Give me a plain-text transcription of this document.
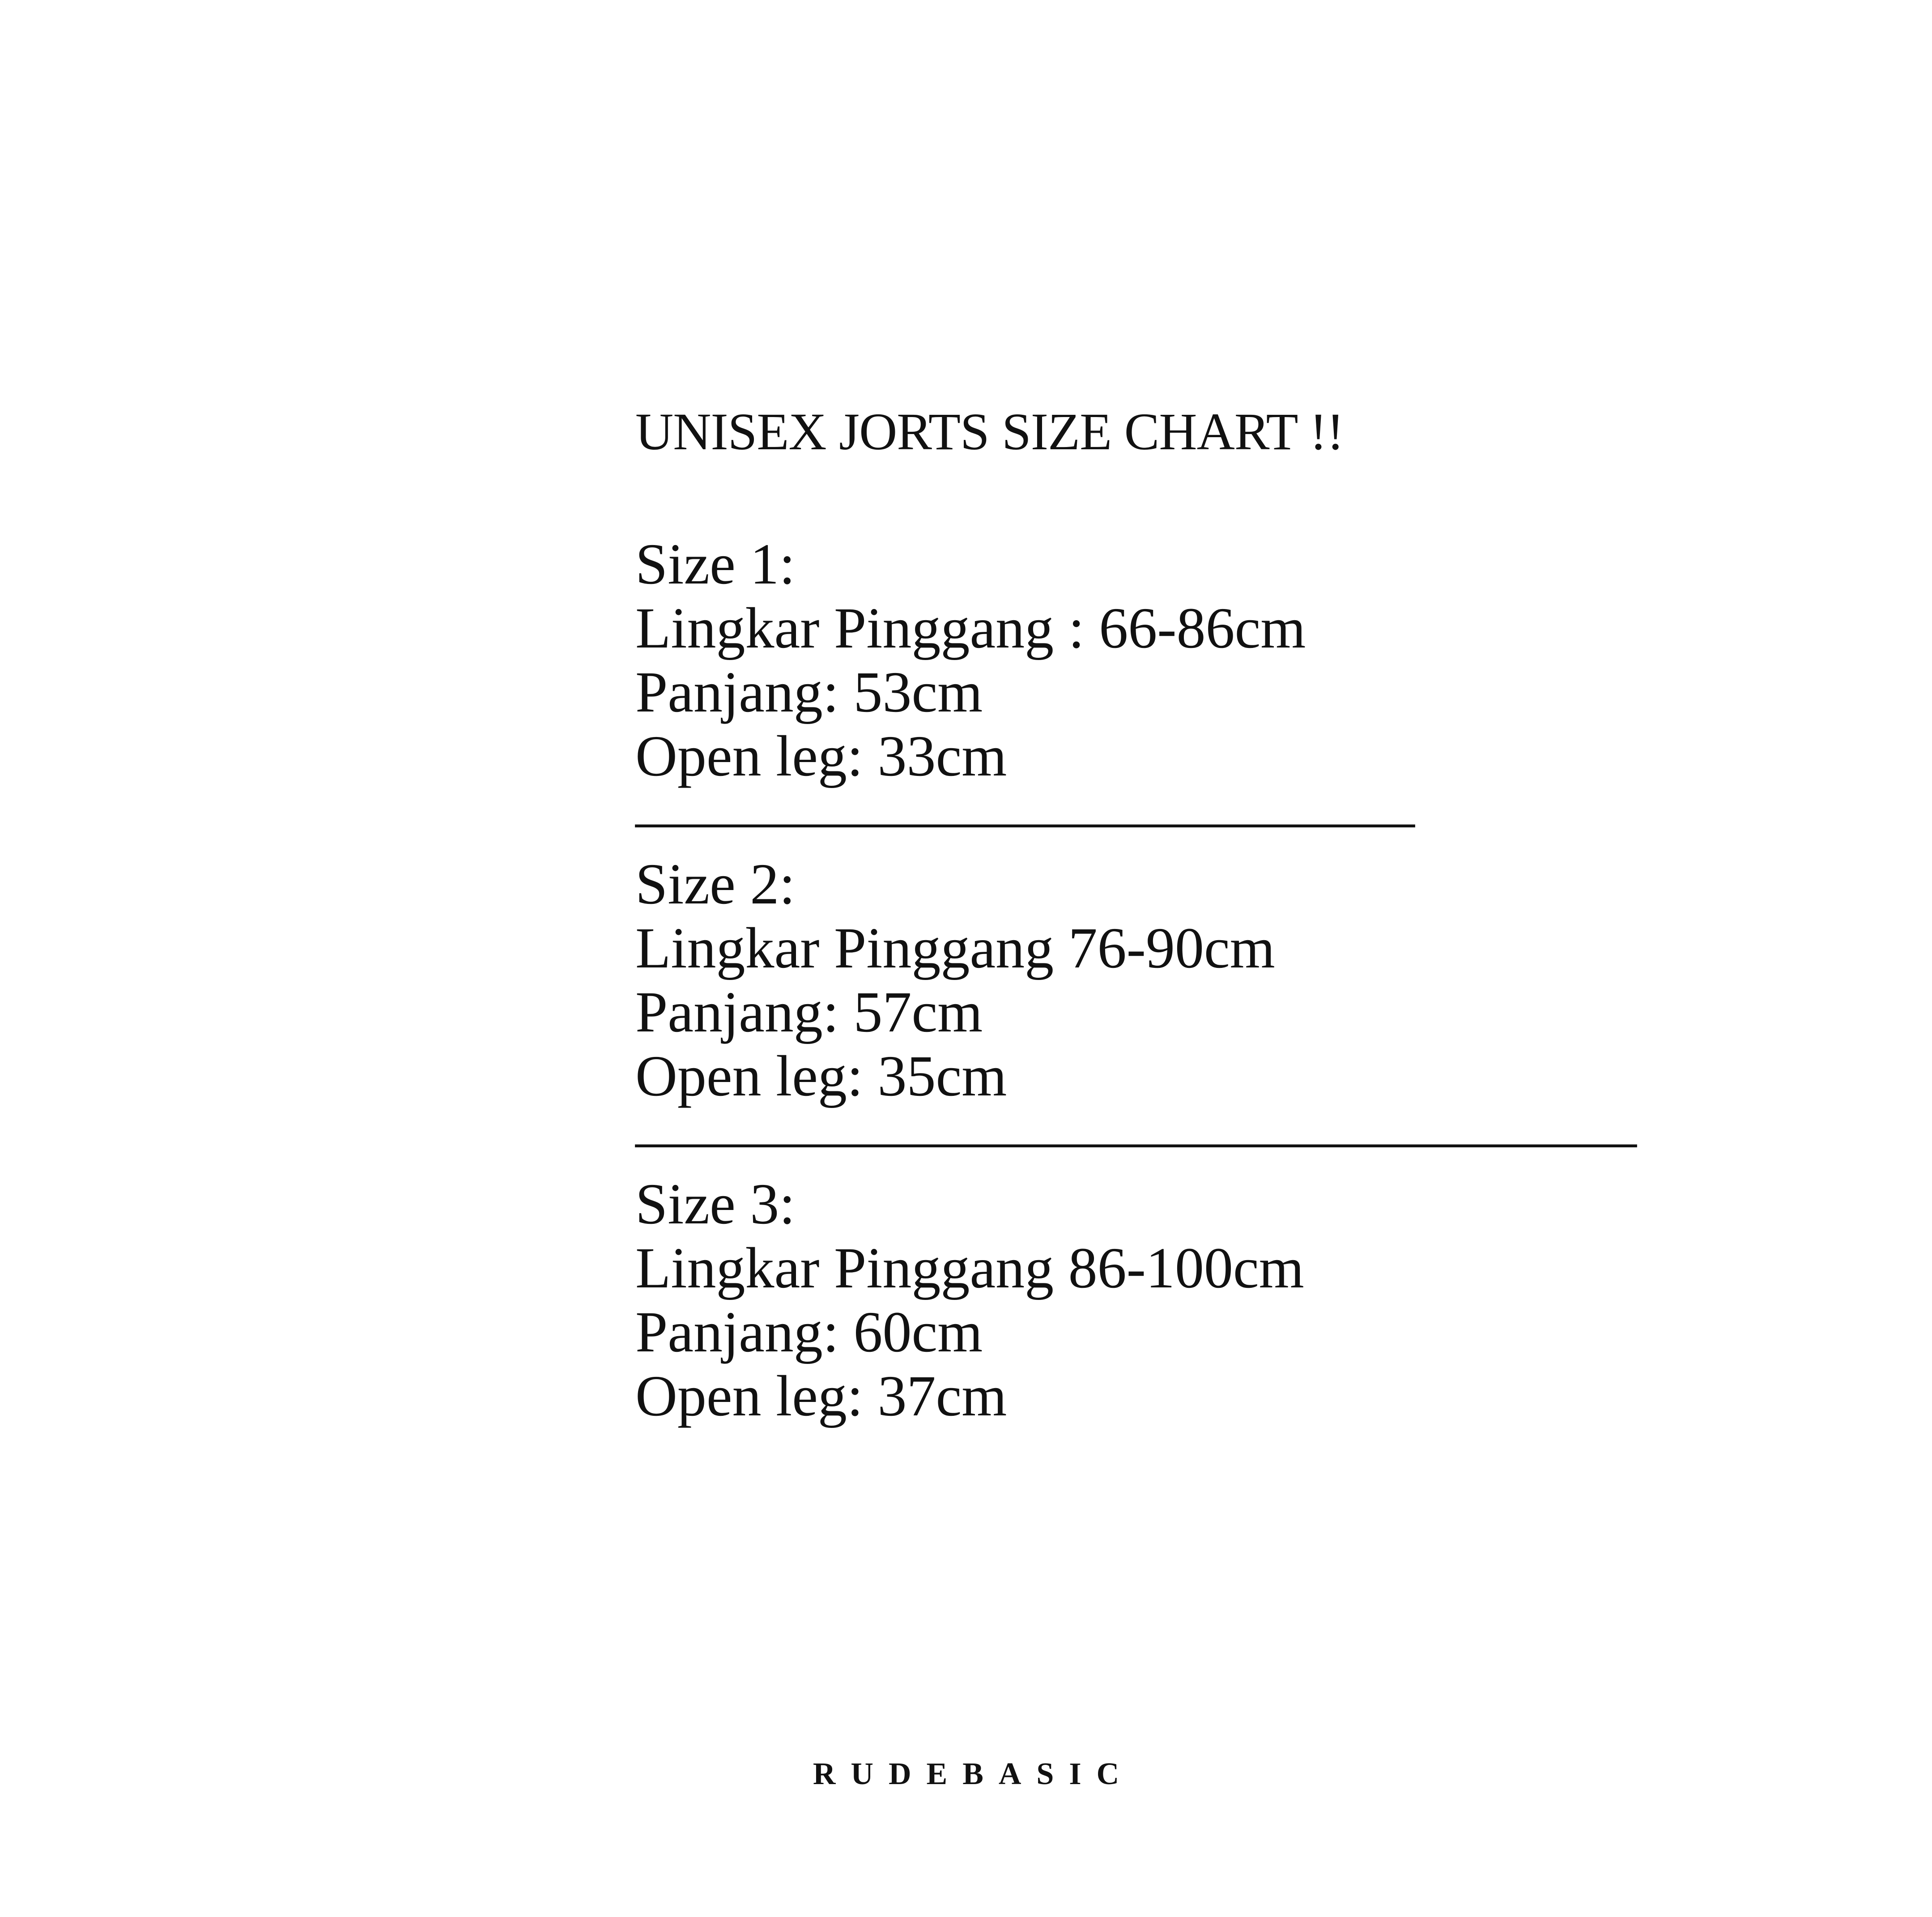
UNISEX JORTS SIZE CHART !!
Size 1:
Lingkar Pinggang : 66-86cm
Panjang: 53cm
Open leg: 33cm
——————————————
Size 2:
Lingkar Pinggang 76-90cm
Panjang: 57cm
Open leg: 35cm
——————————————————
Size 3:
Lingkar Pinggang 86-100cm
Panjang: 60cm
Open leg: 37cm
RUDEBASIC
